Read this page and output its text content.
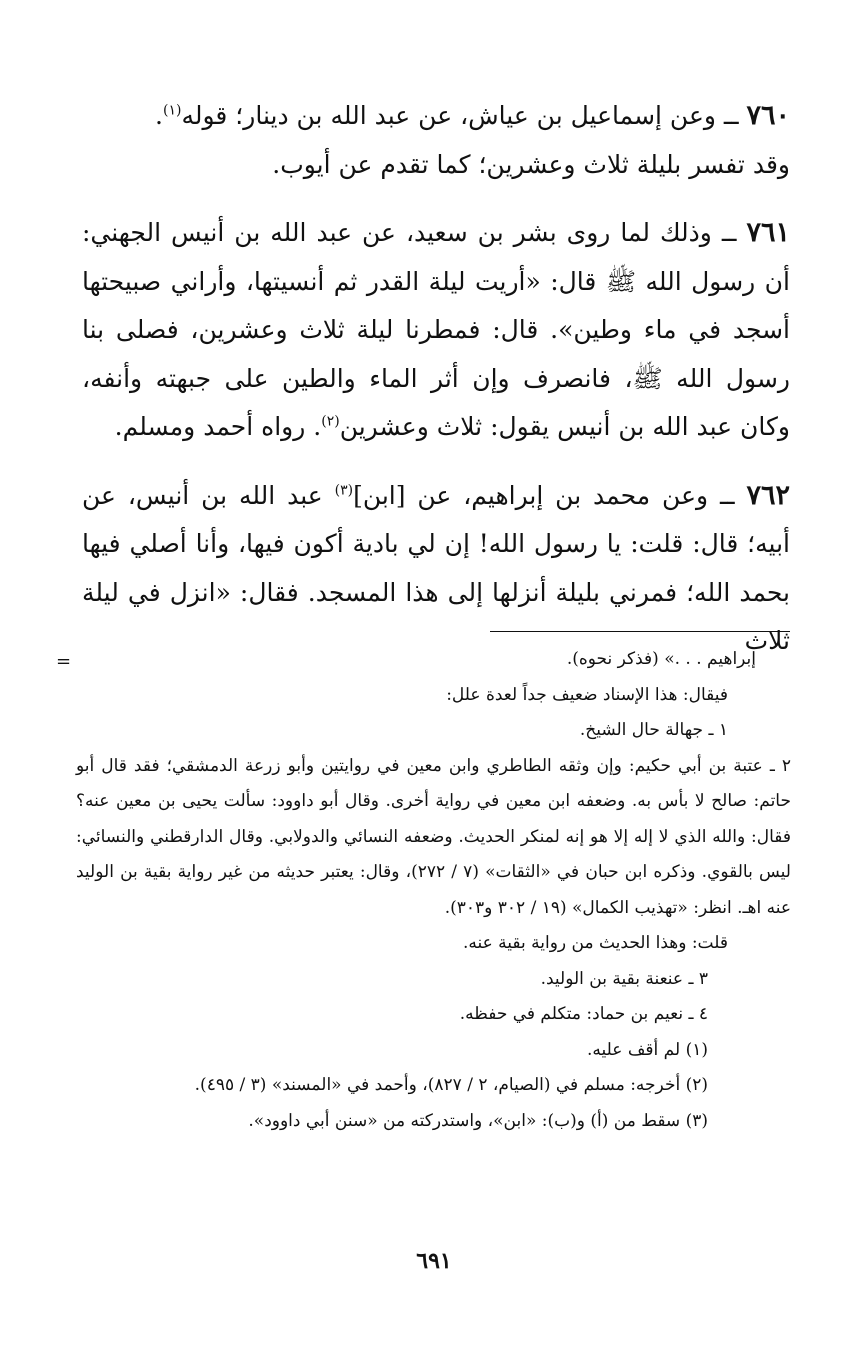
٧٦٠ ــ وعن إسماعيل بن عياش، عن عبد الله بن دينار؛ قوله$^{(١)}$.

وقد تفسر بليلة ثلاث وعشرين؛ كما تقدم عن أيوب.

٧٦١ ــ وذلك لما روى بشر بن سعيد، عن عبد الله بن أنيس الجهني: أن رسول الله ﷺ قال: «أريت ليلة القدر ثم أنسيتها، وأراني صبيحتها أسجد في ماء وطين». قال: فمطرنا ليلة ثلاث وعشرين، فصلى بنا رسول الله ﷺ، فانصرف وإن أثر الماء والطين على جبهته وأنفه، وكان عبد الله بن أنيس يقول: ثلاث وعشرين$^{(٢)}$. رواه أحمد ومسلم.

٧٦٢ ــ وعن محمد بن إبراهيم، عن [ابن]$^{(٣)}$ عبد الله بن أنيس، عن أبيه؛ قال: قلت: يا رسول الله! إن لي بادية أكون فيها، وأنا أصلي فيها بحمد الله؛ فمرني بليلة أنزلها إلى هذا المسجد. فقال: «انزل في ليلة ثلاث

=	إبراهيم . . .» (فذكر نحوه).

فيقال: هذا الإسناد ضعيف جداً لعدة علل:

١ ـ جهالة حال الشيخ.

٢ ـ عتبة بن أبي حكيم: وإن وثقه الطاطري وابن معين في روايتين وأبو زرعة الدمشقي؛ فقد قال أبو حاتم: صالح لا بأس به. وضعفه ابن معين في رواية أخرى. وقال أبو داوود: سألت يحيى بن معين عنه؟ فقال: والله الذي لا إله إلا هو إنه لمنكر الحديث. وضعفه النسائي والدولابي. وقال الدارقطني والنسائي: ليس بالقوي. وذكره ابن حبان في «الثقات» (٧ / ٢٧٢)، وقال: يعتبر حديثه من غير رواية بقية بن الوليد عنه اهـ. انظر: «تهذيب الكمال» (١٩ / ٣٠٢ و٣٠٣).

قلت: وهذا الحديث من رواية بقية عنه.

٣ ـ عنعنة بقية بن الوليد.

٤ ـ نعيم بن حماد: متكلم في حفظه.

(١) لم أقف عليه.

(٢) أخرجه: مسلم في (الصيام، ٢ / ٨٢٧)، وأحمد في «المسند» (٣ / ٤٩٥).

(٣) سقط من (أ) و(ب): «ابن»، واستدركته من «سنن أبي داوود».

٦٩١
